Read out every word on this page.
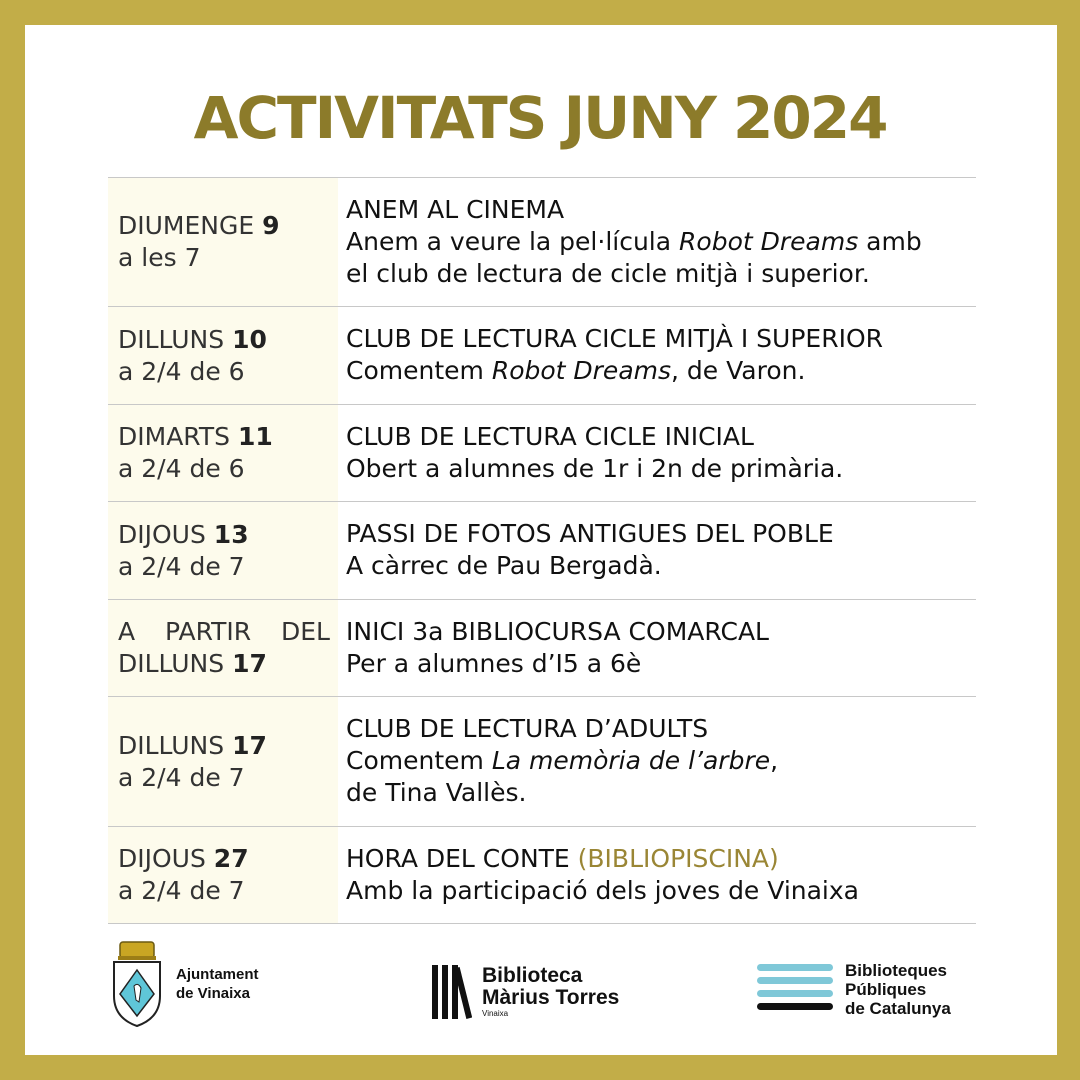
ACTIVITATS JUNY 2024
DIUMENGE 9
a les 7
ANEM AL CINEMA
Anem a veure la pel·lícula Robot Dreams amb
el club de lectura de cicle mitjà i superior.
DILLUNS 10
a 2/4 de 6
CLUB DE LECTURA CICLE MITJÀ I SUPERIOR
Comentem Robot Dreams, de Varon.
DIMARTS 11
a 2/4 de 6
CLUB DE LECTURA CICLE INICIAL
Obert a alumnes de 1r i 2n de primària.
DIJOUS 13
a 2/4 de 7
PASSI DE FOTOS ANTIGUES DEL POBLE
A càrrec de Pau Bergadà.
A PARTIR DEL
DILLUNS 17
INICI 3a BIBLIOCURSA COMARCAL
Per a alumnes d’I5 a 6è
DILLUNS 17
a 2/4 de 7
CLUB DE LECTURA D’ADULTS
Comentem La memòria de l’arbre,
de Tina Vallès.
DIJOUS 27
a 2/4 de 7
HORA DEL CONTE (BIBLIOPISCINA)
Amb la participació dels joves de Vinaixa
Ajuntament
de Vinaixa
Biblioteca
Màrius Torres
Vinaixa
Biblioteques
Públiques
de Catalunya
